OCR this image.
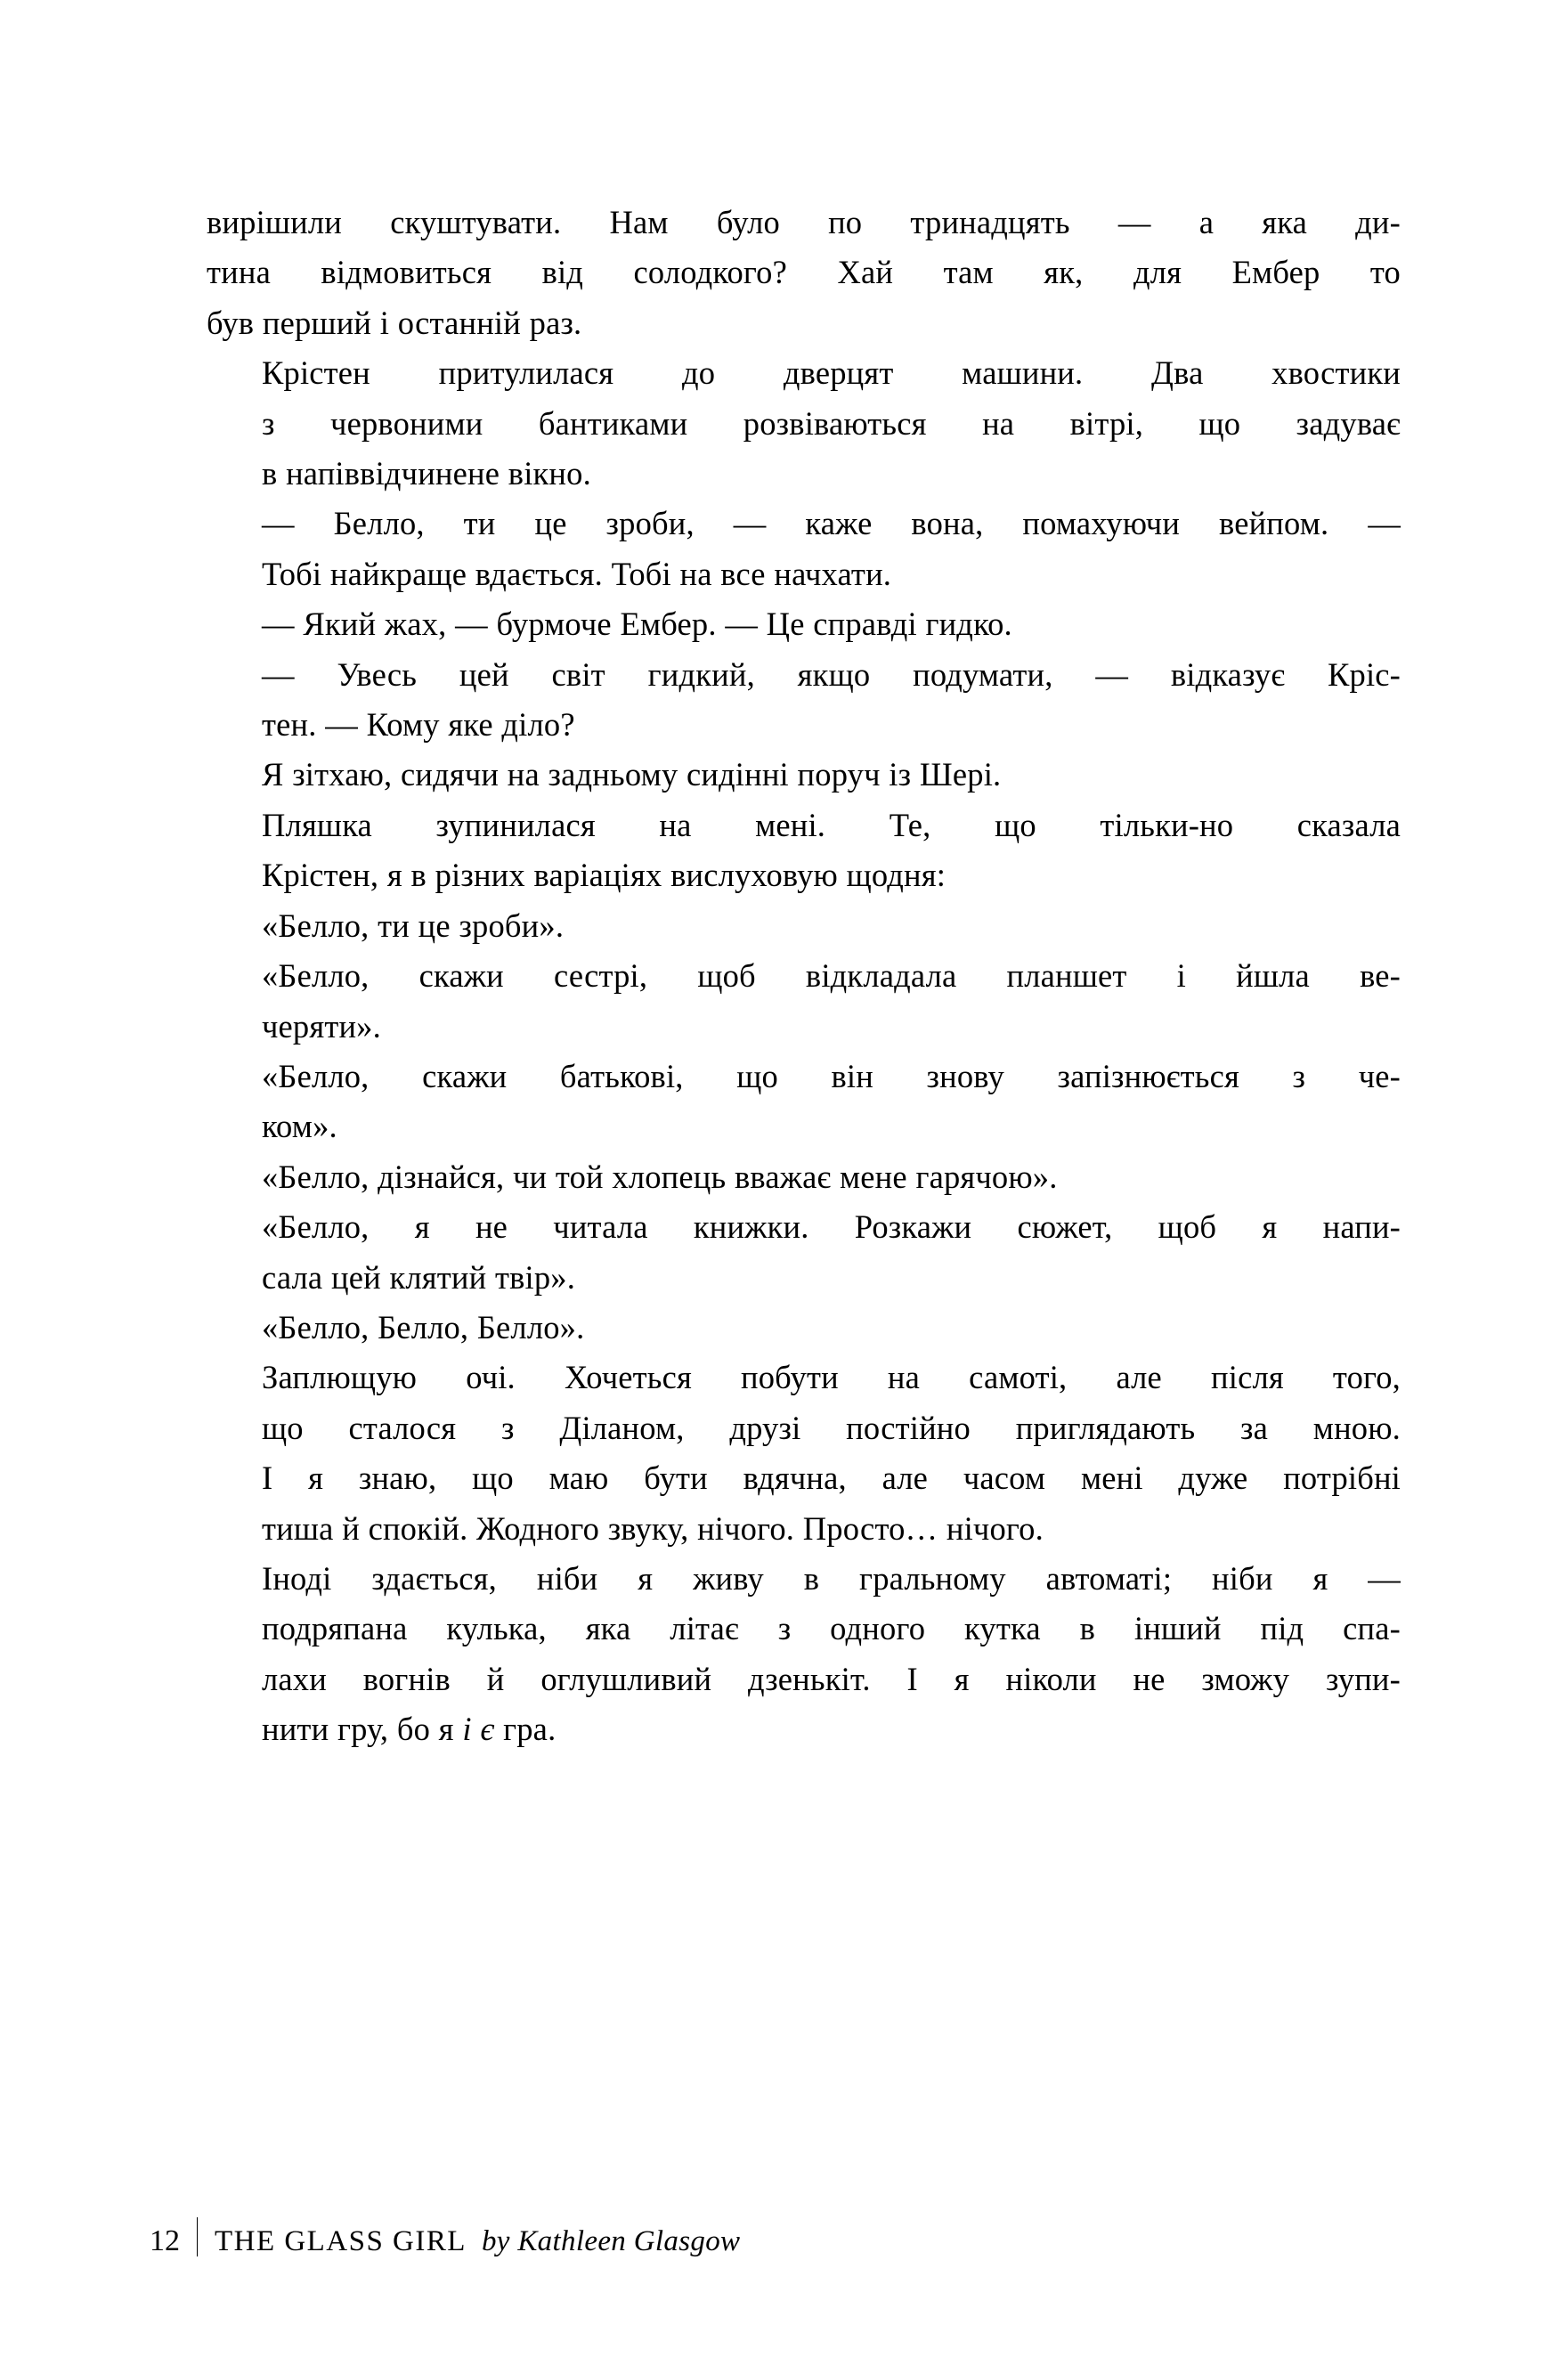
вирішили скуштувати. Нам було по тринадцять — а яка ди-
тина відмовиться від солодкого? Хай там як, для Ембер то
був перший і останній раз.

Крістен притулилася до дверцят машини. Два хвостики
з червоними бантиками розвіваються на вітрі, що задуває
в напіввідчинене вікно.

— Белло, ти це зроби, — каже вона, помахуючи вейпом. —
Тобі найкраще вдається. Тобі на все начхати.

— Який жах, — бурмоче Ембер. — Це справді гидко.

— Увесь цей світ гидкий, якщо подумати, — відказує Кріс-
тен. — Кому яке діло?

Я зітхаю, сидячи на задньому сидінні поруч із Шері.

Пляшка зупинилася на мені. Те, що тільки-но сказала
Крістен, я в різних варіаціях вислуховую щодня:

«Белло, ти це зроби».

«Белло, скажи сестрі, щоб відкладала планшет і йшла ве-
черяти».

«Белло, скажи батькові, що він знову запізнюється з че-
ком».

«Белло, дізнайся, чи той хлопець вважає мене гарячою».

«Белло, я не читала книжки. Розкажи сюжет, щоб я напи-
сала цей клятий твір».

«Белло, Белло, Белло».

Заплющую очі. Хочеться побути на самоті, але після того,
що сталося з Діланом, друзі постійно приглядають за мною.
І я знаю, що маю бути вдячна, але часом мені дуже потрібні
тиша й спокій. Жодного звуку, нічого. Просто… нічого.

Іноді здається, ніби я живу в гральному автоматі; ніби я —
подряпана кулька, яка літає з одного кутка в інший під спа-
лахи вогнів й оглушливий дзенькіт. І я ніколи не зможу зупи-
нити гру, бо я і є гра.

12 THE GLASS GIRL by Kathleen Glasgow
